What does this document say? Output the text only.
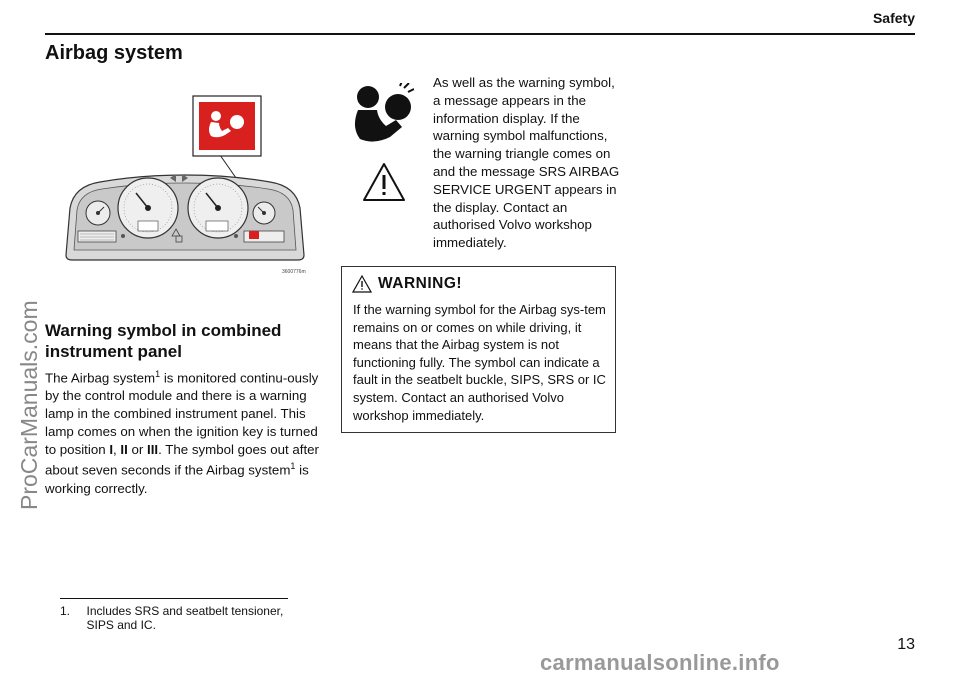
Safety
Airbag system
3600776m
As well as the warning symbol, a message appears in the information display. If the warning symbol malfunctions, the warning triangle comes on and the message SRS AIRBAG SERVICE URGENT appears in the display. Contact an authorised Volvo workshop immediately.
WARNING!
If the warning symbol for the Airbag sys-tem remains on or comes on while driving, it means that the Airbag system is not functioning fully. The symbol can indicate a fault in the seatbelt buckle, SIPS, SRS or IC system. Contact an authorised Volvo workshop immediately.
Warning symbol in combined instrument panel
The Airbag system$^1$ is monitored continu-ously by the control module and there is a warning lamp in the combined instrument panel. This lamp comes on when the ignition key is turned to position I, II or III. The symbol goes out after about seven seconds if the Airbag system$^1$ is working correctly.
1.	Includes SRS and seatbelt tensioner, SIPS and IC.
13
ProCarManuals.com
carmanualsonline.info
